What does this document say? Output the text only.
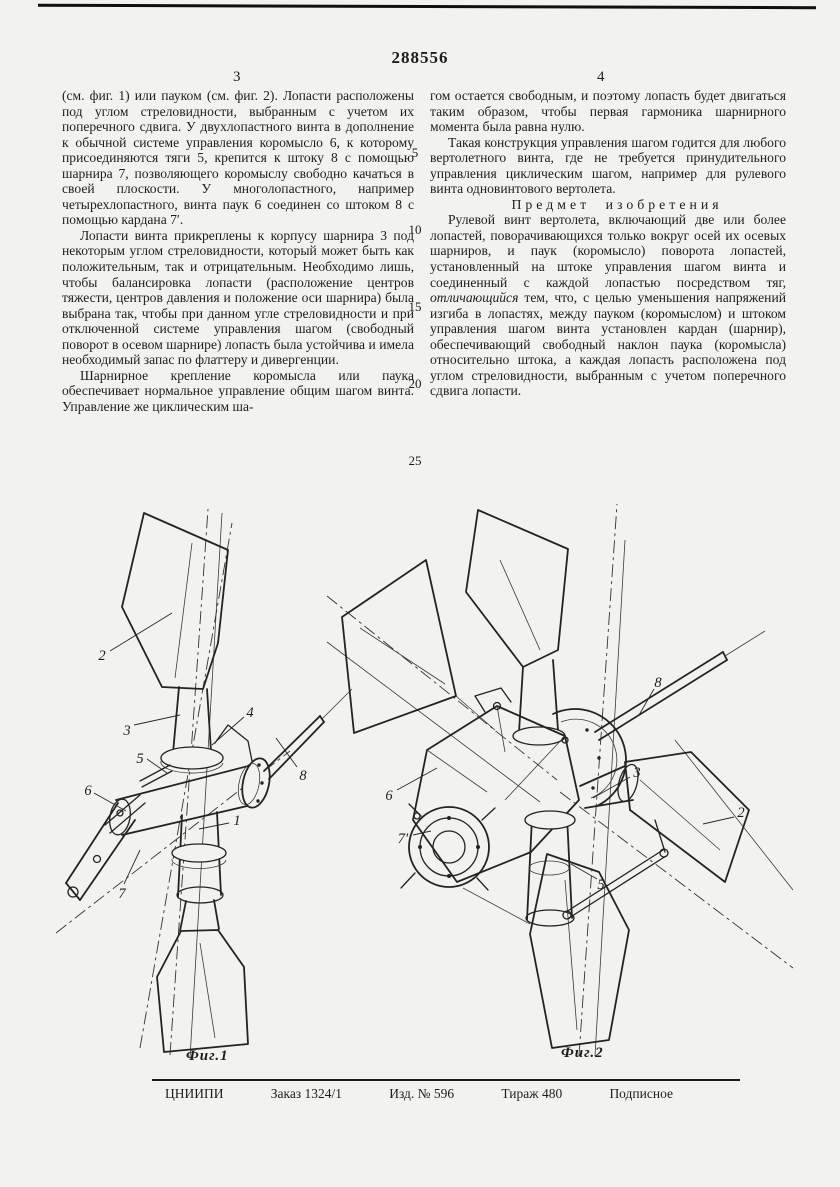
288556
3	4

(см. фиг. 1) или пауком (см. фиг. 2). Лопасти расположены под углом стреловидности, выбранным с учетом их поперечного сдвига. У двухлопастного винта в дополнение к обычной системе управления коромысло 6, к которому присоединяются тяги 5, крепится к штоку 8 с помощью шарнира 7, позволяющего коромыслу свободно качаться в своей плоскости. У многолопастного, например четырехлопастного, винта паук 6 соединен со штоком 8 с помощью кардана 7′.

Лопасти винта прикреплены к корпусу шарнира 3 под некоторым углом стреловидности, который может быть как положительным, так и отрицательным. Необходимо лишь, чтобы балансировка лопасти (расположение центров тяжести, центров давления и положение оси шарнира) была выбрана так, чтобы при данном угле стреловидности и при отключенной системе управления шагом (свободный поворот в осевом шарнире) лопасть была устойчива и имела необходимый запас по флаттеру и дивергенции.

Шарнирное крепление коромысла или паука обеспечивает нормальное управление общим шагом винта. Управление же циклическим ша-

гом остается свободным, и поэтому лопасть будет двигаться таким образом, чтобы первая гармоника шарнирного момента была равна нулю.

Такая конструкция управления шагом годится для любого вертолетного винта, где не требуется принудительного управления циклическим шагом, например для рулевого винта одновинтового вертолета.

Предмет изобретения

Рулевой винт вертолета, включающий две или более лопастей, поворачивающихся только вокруг осей их осевых шарниров, и паук (коромысло) поворота лопастей, установленный на штоке управления шагом винта и соединенный с каждой лопастью посредством тяг, отличающийся тем, что, с целью уменьшения напряжений изгиба в лопастях, между пауком (коромыслом) и штоком управления шагом винта установлен кардан (шарнир), обеспечивающий свободный наклон паука (коромысла) относительно штока, а каждая лопасть расположена под углом стреловидности, выбранным с учетом поперечного сдвига лопасти.

5
10
15
20
25
2
3
4
5
8
6
1
7
8
3
2
6
7′
5
Фиг.1	Фиг.2
ЦНИИПИ	Заказ 1324/1	Изд. № 596	Тираж 480	Подписное
